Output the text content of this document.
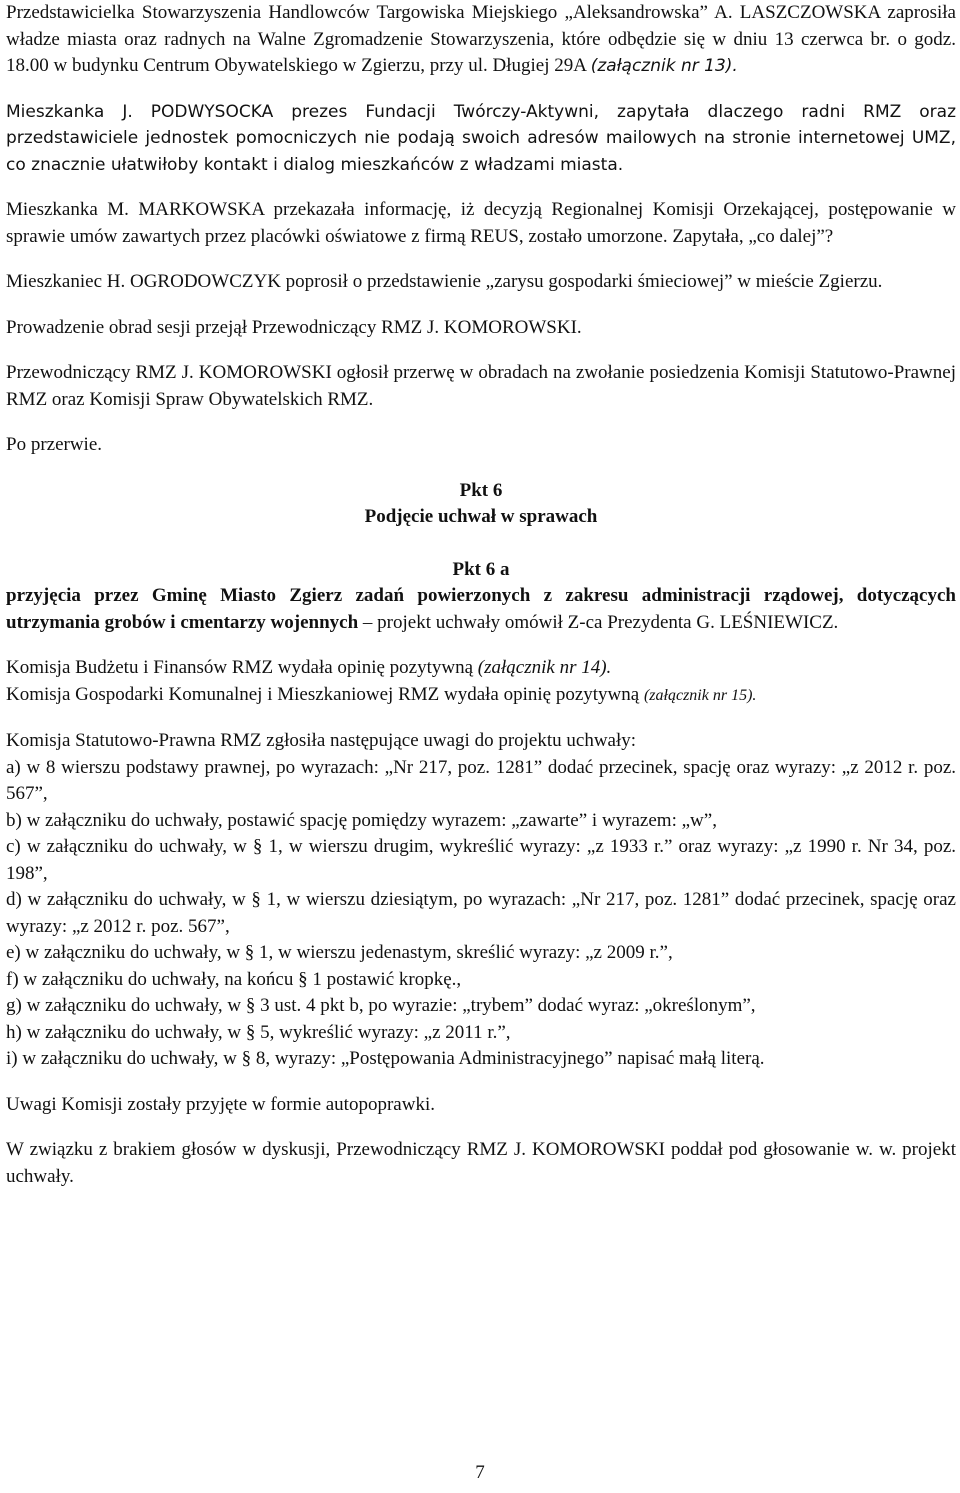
Przedstawicielka Stowarzyszenia Handlowców Targowiska Miejskiego „Aleksandrowska” A. LASZCZOWSKA zaprosiła władze miasta oraz radnych na Walne Zgromadzenie Stowarzyszenia, które odbędzie się w dniu 13 czerwca br. o godz. 18.00 w budynku Centrum Obywatelskiego w Zgierzu, przy ul. Długiej 29A (załącznik nr 13).

Mieszkanka J. PODWYSOCKA prezes Fundacji Twórczy-Aktywni, zapytała dlaczego radni RMZ oraz przedstawiciele jednostek pomocniczych nie podają swoich adresów mailowych na stronie internetowej UMZ, co znacznie ułatwiłoby kontakt i dialog mieszkańców z władzami miasta.

Mieszkanka M. MARKOWSKA przekazała informację, iż decyzją Regionalnej Komisji Orzekającej, postępowanie w sprawie umów zawartych przez placówki oświatowe z firmą REUS, zostało umorzone. Zapytała, „co dalej”?

Mieszkaniec H. OGRODOWCZYK poprosił o przedstawienie „zarysu gospodarki śmieciowej” w mieście Zgierzu.

Prowadzenie obrad sesji przejął Przewodniczący RMZ J. KOMOROWSKI.

Przewodniczący RMZ J. KOMOROWSKI ogłosił przerwę w obradach na zwołanie posiedzenia Komisji Statutowo-Prawnej RMZ oraz Komisji Spraw Obywatelskich RMZ.

Po przerwie.

Pkt 6

Podjęcie uchwał w sprawach

Pkt 6 a

przyjęcia przez Gminę Miasto Zgierz zadań powierzonych z zakresu administracji rządowej, dotyczących utrzymania grobów i cmentarzy wojennych – projekt uchwały omówił Z-ca Prezydenta G. LEŚNIEWICZ.

Komisja Budżetu i Finansów RMZ wydała opinię pozytywną (załącznik nr 14).

Komisja Gospodarki Komunalnej i Mieszkaniowej RMZ wydała opinię pozytywną (załącznik nr 15).

Komisja Statutowo-Prawna RMZ zgłosiła następujące uwagi do projektu uchwały:

a) w 8 wierszu podstawy prawnej, po wyrazach: „Nr 217, poz. 1281” dodać przecinek, spację oraz wyrazy: „z 2012 r. poz. 567”,

b) w załączniku do uchwały, postawić spację pomiędzy wyrazem: „zawarte” i wyrazem: „w”,

c) w załączniku do uchwały, w § 1, w wierszu drugim, wykreślić wyrazy: „z 1933 r.” oraz wyrazy: „z 1990 r. Nr 34, poz. 198”,

d) w załączniku do uchwały, w § 1, w wierszu dziesiątym, po wyrazach: „Nr 217, poz. 1281” dodać przecinek, spację oraz wyrazy: „z 2012 r. poz. 567”,

e) w załączniku do uchwały, w § 1, w wierszu jedenastym, skreślić wyrazy: „z 2009 r.”,

f) w załączniku do uchwały, na końcu § 1 postawić kropkę.,

g) w załączniku do uchwały, w § 3 ust. 4 pkt b, po wyrazie: „trybem” dodać wyraz: „określonym”,

h) w załączniku do uchwały, w § 5, wykreślić wyrazy: „z 2011 r.”,

i) w załączniku do uchwały, w § 8, wyrazy: „Postępowania Administracyjnego” napisać małą literą.

Uwagi Komisji zostały przyjęte w formie autopoprawki.

W związku z brakiem głosów w dyskusji, Przewodniczący RMZ J. KOMOROWSKI poddał pod głosowanie w. w. projekt uchwały.

7
